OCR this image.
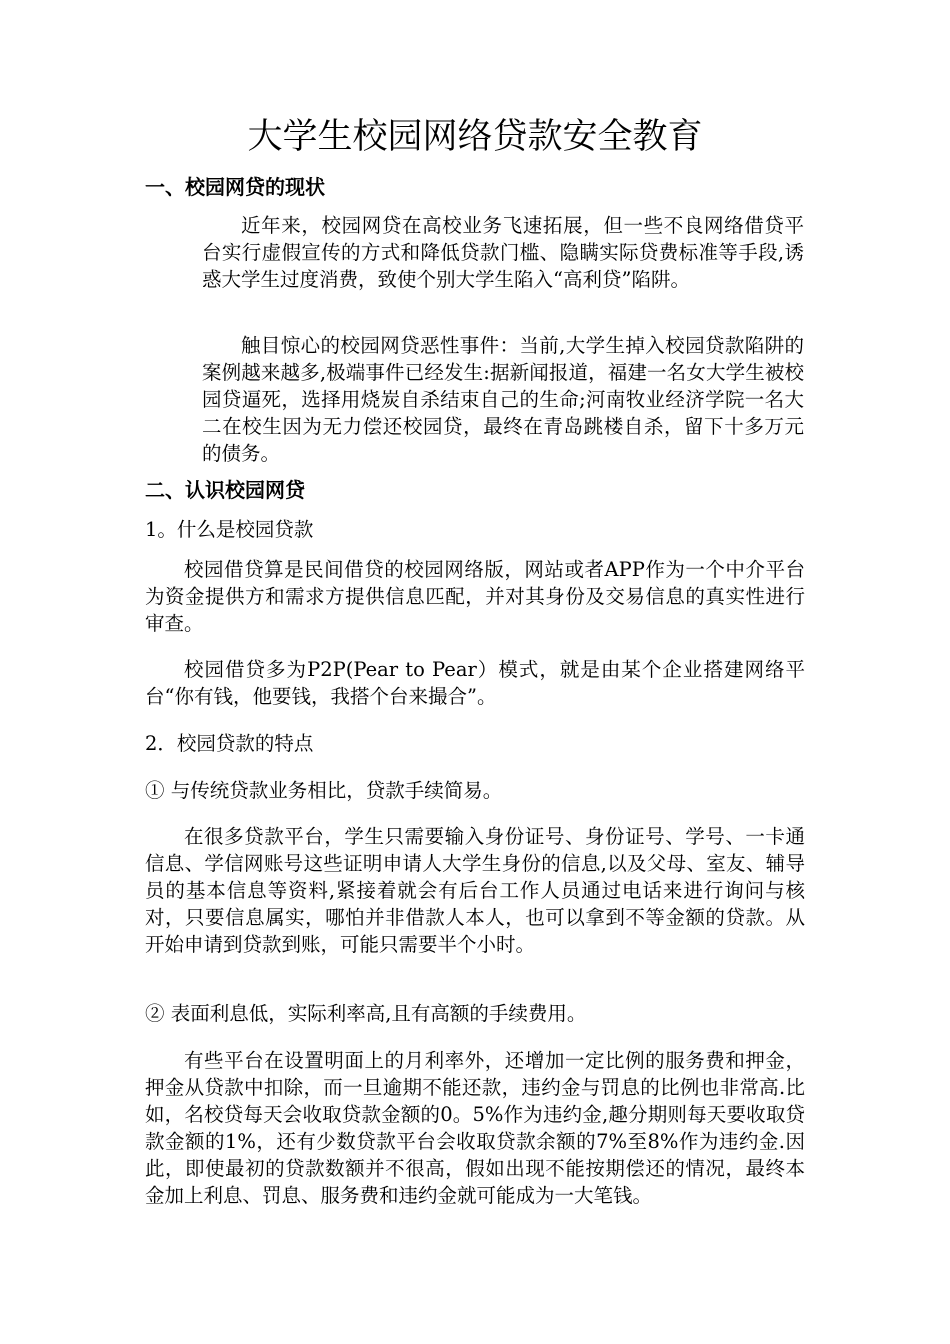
大学生校园网络贷款安全教育
一、校园网贷的现状

近年来，校园网贷在高校业务飞速拓展，但一些不良网络借贷平台实行虚假宣传的方式和降低贷款门槛、隐瞒实际贷费标准等手段,诱惑大学生过度消费，致使个别大学生陷入“高利贷”陷阱。

触目惊心的校园网贷恶性事件：当前,大学生掉入校园贷款陷阱的案例越来越多,极端事件已经发生:据新闻报道，福建一名女大学生被校园贷逼死，选择用烧炭自杀结束自己的生命;河南牧业经济学院一名大二在校生因为无力偿还校园贷，最终在青岛跳楼自杀，留下十多万元的债务。

二、认识校园网贷

1。什么是校园贷款

校园借贷算是民间借贷的校园网络版，网站或者APP作为一个中介平台为资金提供方和需求方提供信息匹配，并对其身份及交易信息的真实性进行审查。

校园借贷多为P2P(Pear to Pear）模式，就是由某个企业搭建网络平台“你有钱，他要钱，我搭个台来撮合”。

2．校园贷款的特点

① 与传统贷款业务相比，贷款手续简易。

在很多贷款平台，学生只需要输入身份证号、身份证号、学号、一卡通信息、学信网账号这些证明申请人大学生身份的信息,以及父母、室友、辅导员的基本信息等资料,紧接着就会有后台工作人员通过电话来进行询问与核对，只要信息属实，哪怕并非借款人本人，也可以拿到不等金额的贷款。从开始申请到贷款到账，可能只需要半个小时。

② 表面利息低，实际利率高,且有高额的手续费用。

有些平台在设置明面上的月利率外，还增加一定比例的服务费和押金，押金从贷款中扣除，而一旦逾期不能还款，违约金与罚息的比例也非常高.比如，名校贷每天会收取贷款金额的0。5%作为违约金,趣分期则每天要收取贷款金额的1%，还有少数贷款平台会收取贷款余额的7%至8%作为违约金.因此，即使最初的贷款数额并不很高，假如出现不能按期偿还的情况，最终本金加上利息、罚息、服务费和违约金就可能成为一大笔钱。
